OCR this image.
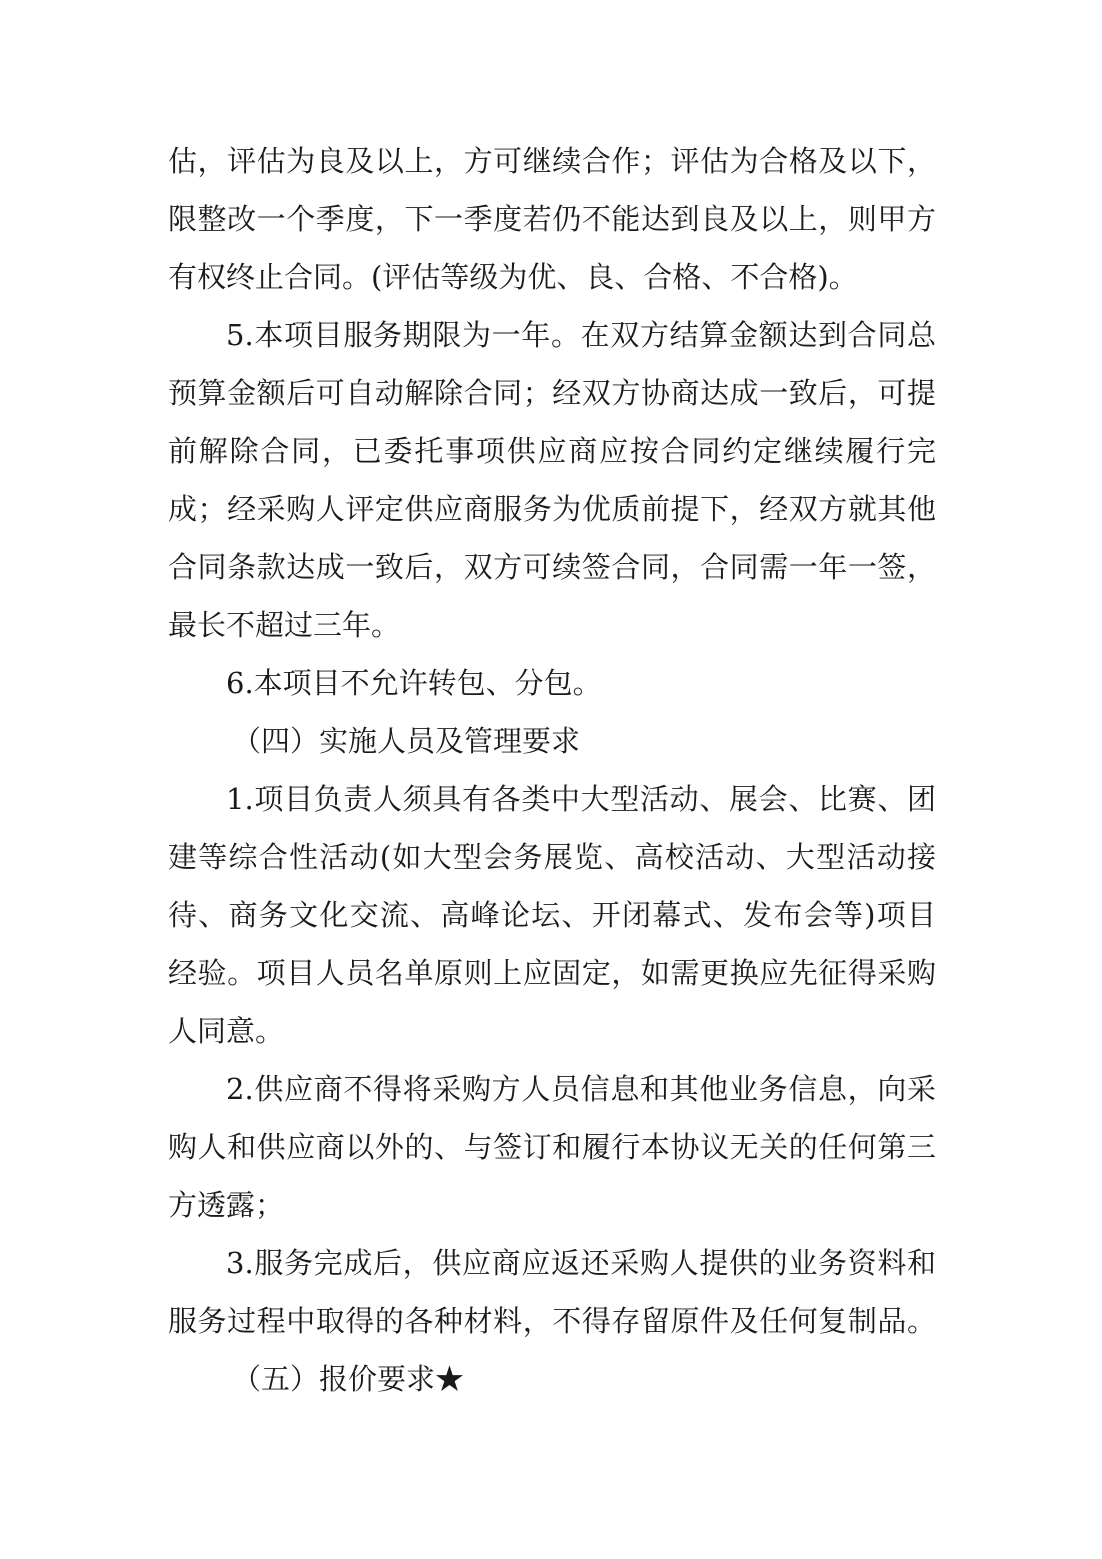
估，评估为良及以上，方可继续合作；评估为合格及以下，
限整改一个季度，下一季度若仍不能达到良及以上，则甲方
有权终止合同。(评估等级为优、良、合格、不合格)。
5.本项目服务期限为一年。在双方结算金额达到合同总
预算金额后可自动解除合同；经双方协商达成一致后，可提
前解除合同，已委托事项供应商应按合同约定继续履行完
成；经采购人评定供应商服务为优质前提下，经双方就其他
合同条款达成一致后，双方可续签合同，合同需一年一签，
最长不超过三年。
6.本项目不允许转包、分包。
（四）实施人员及管理要求
1.项目负责人须具有各类中大型活动、展会、比赛、团
建等综合性活动(如大型会务展览、高校活动、大型活动接
待、商务文化交流、高峰论坛、开闭幕式、发布会等)项目
经验。项目人员名单原则上应固定，如需更换应先征得采购
人同意。
2.供应商不得将采购方人员信息和其他业务信息，向采
购人和供应商以外的、与签订和履行本协议无关的任何第三
方透露；
3.服务完成后，供应商应返还采购人提供的业务资料和
服务过程中取得的各种材料，不得存留原件及任何复制品。
（五）报价要求★
